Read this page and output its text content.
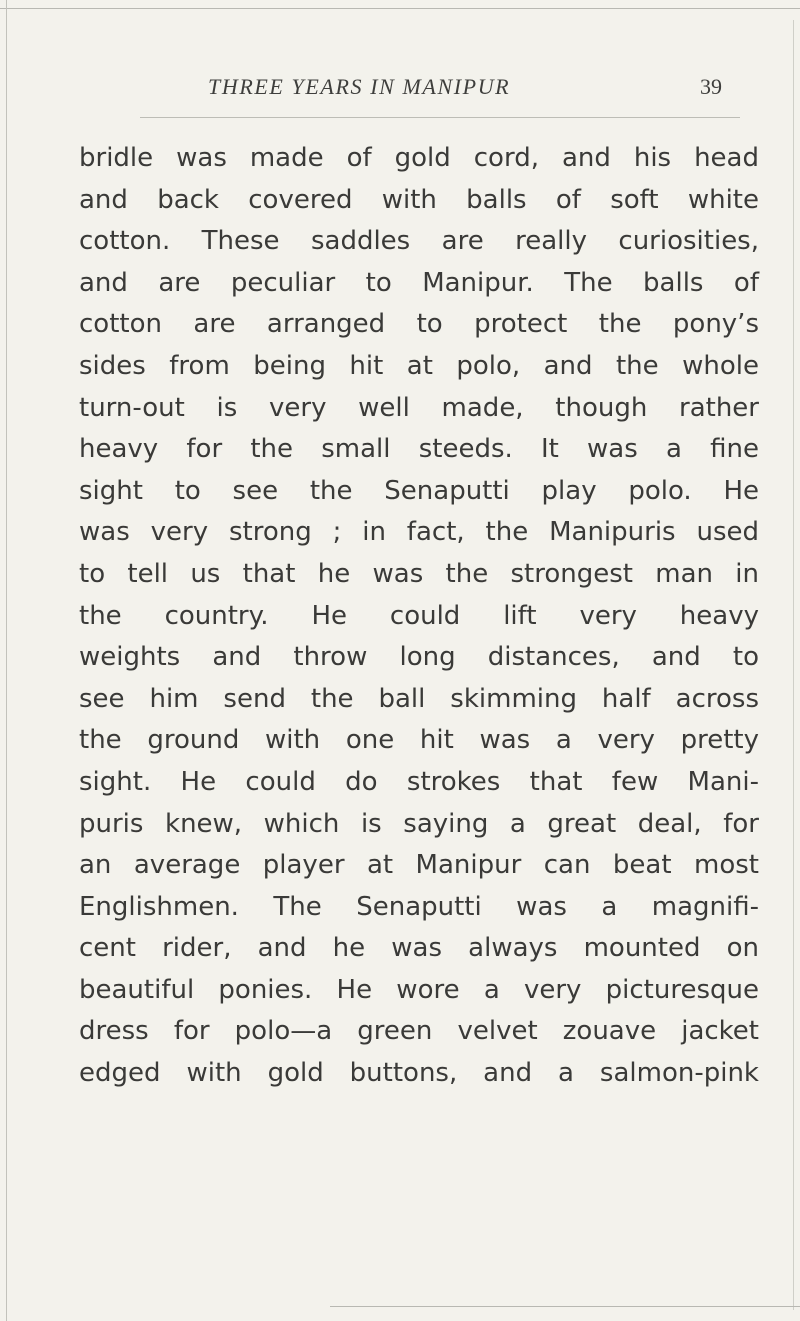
THREE YEARS IN MANIPUR	39
bridle was made of gold cord, and his head
and back covered with balls of soft white
cotton. These saddles are really curiosities,
and are peculiar to Manipur. The balls of
cotton are arranged to protect the pony’s
sides from being hit at polo, and the whole
turn-out is very well made, though rather
heavy for the small steeds. It was a fine
sight to see the Senaputti play polo. He
was very strong ; in fact, the Manipuris used
to tell us that he was the strongest man in
the country. He could lift very heavy
weights and throw long distances, and to
see him send the ball skimming half across
the ground with one hit was a very pretty
sight. He could do strokes that few Mani-
puris knew, which is saying a great deal, for
an average player at Manipur can beat most
Englishmen. The Senaputti was a magnifi-
cent rider, and he was always mounted on
beautiful ponies. He wore a very picturesque
dress for polo—a green velvet zouave jacket
edged with gold buttons, and a salmon-pink
